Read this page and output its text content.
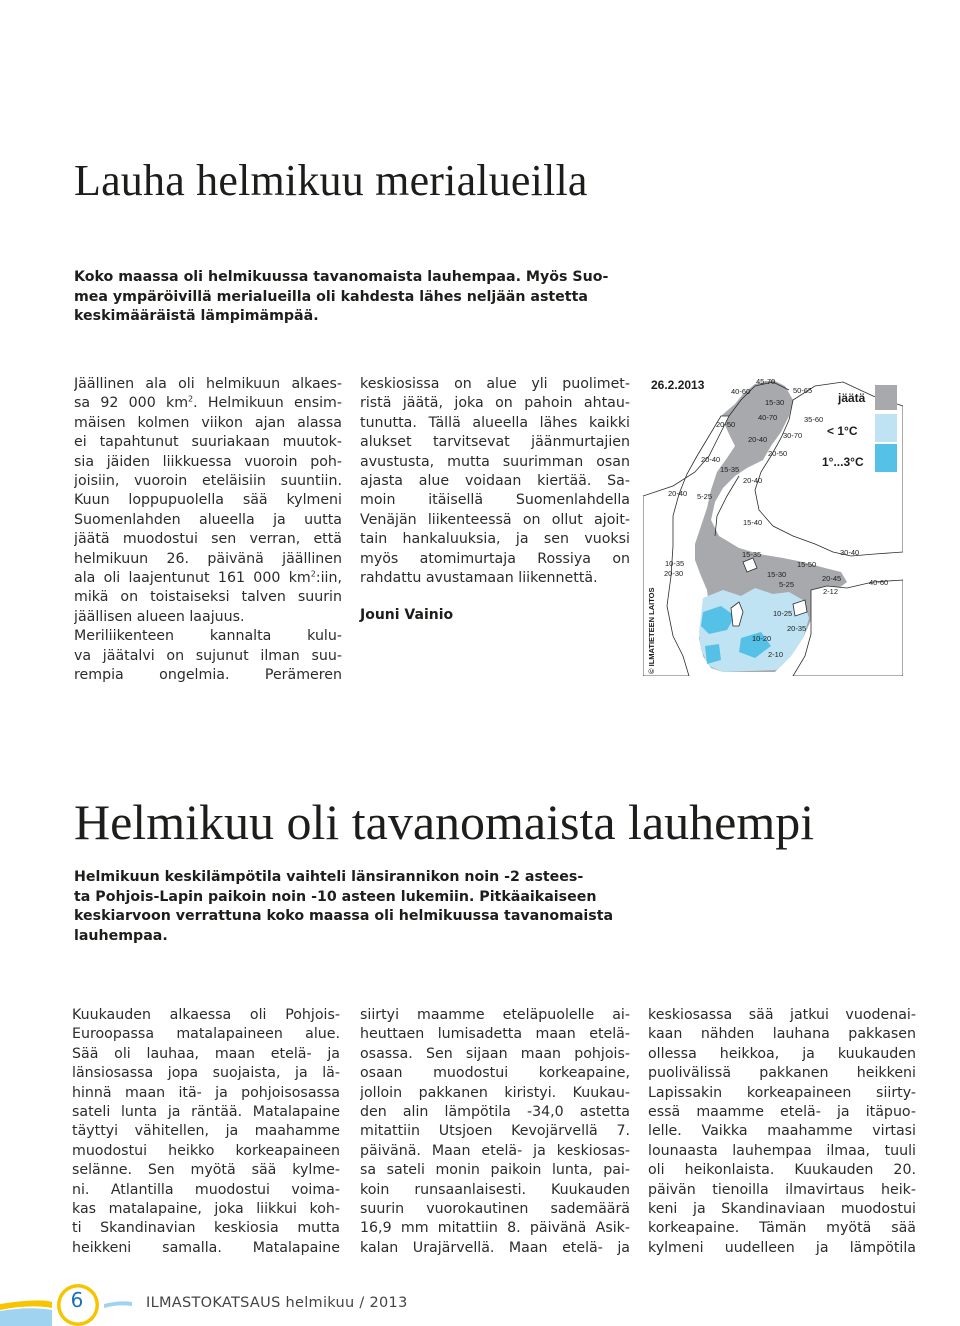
Lauha helmikuu merialueilla
Koko maassa oli helmikuussa tavanomaista lauhempaa. Myös Suo-
mea ympäröivillä merialueilla oli kahdesta lähes neljään astetta
keskimääräistä lämpimämpää.
Jäällinen ala oli helmikuun alkaes-
sa 92 000 $km^2$. Helmikuun ensim-
mäisen kolmen viikon ajan alassa
ei tapahtunut suuriakaan muutok-
sia jäiden liikkuessa vuoroin poh-
joisiin, vuoroin eteläisiin suuntiin.
Kuun loppupuolella sää kylmeni
Suomenlahden alueella ja uutta
jäätä muodostui sen verran, että
helmikuun 26. päivänä jäällinen
ala oli laajentunut 161 000 $km^2:iin$,
mikä on toistaiseksi talven suurin
jäällisen alueen laajuus.
Meriliikenteen kannalta kulu-
va jäätalvi on sujunut ilman suu-
rempia ongelmia. Perämeren
keskiosissa on alue yli puolimet-
ristä jäätä, joka on pahoin ahtau-
tunutta. Tällä alueella lähes kaikki
alukset tarvitsevat jäänmurtajien
avustusta, mutta suurimman osan
ajasta alue voidaan kiertää. Sa-
moin itäisellä Suomenlahdella
Venäjän liikenteessä on ollut ajoit-
tain hankaluuksia, ja sen vuoksi
myös atomimurtaja Rossiya on
rahdattu avustamaan liikennettä.

Jouni Vainio

26.2.2013
jäätä
< 1°C
1°...3°C
© ILMATIETEEN LAITOS
45-70
40-60	50-65
15-30
40-70	35-60
20-50
30-70
20-40
20-50
20-40
15-35
20-40
20-40 5-25
15-40
10-35
15-35
20-30	15-30
15-50
30-40
20-45	40-60
2-12
10-25
5-25
20-35
10-20
2-10
Helmikuu oli tavanomaista lauhempi
Helmikuun keskilämpötila vaihteli länsirannikon noin -2 astees-
ta Pohjois-Lapin paikoin noin -10 asteen lukemiin. Pitkäaikaiseen
keskiarvoon verrattuna koko maassa oli helmikuussa tavanomaista
lauhempaa.
Kuukauden alkaessa oli Pohjois-
Euroopassa matalapaineen alue.
Sää oli lauhaa, maan etelä- ja
länsiosassa jopa suojaista, ja lä-
hinnä maan itä- ja pohjoisosassa
sateli lunta ja räntää. Matalapaine
täyttyi vähitellen, ja maahamme
muodostui heikko korkeapaineen
selänne. Sen myötä sää kylme-
ni. Atlantilla muodostui voima-
kas matalapaine, joka liikkui koh-
ti Skandinavian keskiosia mutta
heikkeni samalla. Matalapaine
siirtyi maamme eteläpuolelle ai-
heuttaen lumisadetta maan etelä-
osassa. Sen sijaan maan pohjois-
osaan muodostui korkeapaine,
jolloin pakkanen kiristyi. Kuukau-
den alin lämpötila -34,0 astetta
mitattiin Utsjoen Kevojärvellä 7.
päivänä. Maan etelä- ja keskiosas-
sa sateli monin paikoin lunta, pai-
koin runsaanlaisesti. Kuukauden
suurin vuorokautinen sademäärä
16,9 mm mitattiin 8. päivänä Asik-
kalan Urajärvellä. Maan etelä- ja
keskiosassa sää jatkui vuodenai-
kaan nähden lauhana pakkasen
ollessa heikkoa, ja kuukauden
puolivälissä pakkanen heikkeni
Lapissakin korkeapaineen siirty-
essä maamme etelä- ja itäpuo-
lelle. Vaikka maahamme virtasi
lounaasta lauhempaa ilmaa, tuuli
oli heikonlaista. Kuukauden 20.
päivän tienoilla ilmavirtaus heik-
keni ja Skandinaviaan muodostui
korkeapaine. Tämän myötä sää
kylmeni uudelleen ja lämpötila
6	ILMASTOKATSAUS helmikuu / 2013
